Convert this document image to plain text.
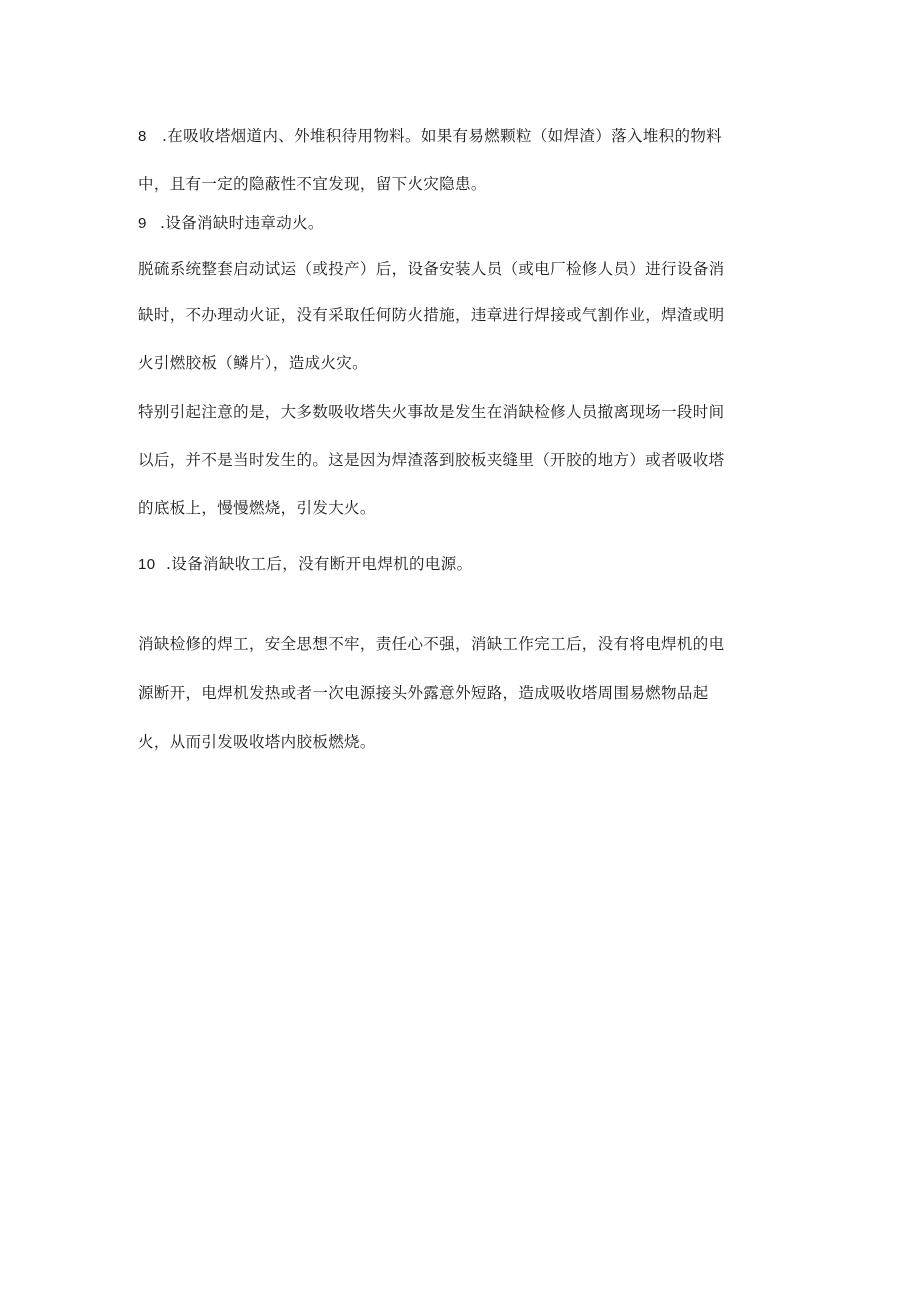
8 .在吸收塔烟道内、外堆积待用物料。如果有易燃颗粒（如焊渣）落入堆积的物料
中，且有一定的隐蔽性不宜发现，留下火灾隐患。
9 .设备消缺时违章动火。
脱硫系统整套启动试运（或投产）后，设备安装人员（或电厂检修人员）进行设备消
缺时，不办理动火证，没有采取任何防火措施，违章进行焊接或气割作业，焊渣或明
火引燃胶板（鳞片），造成火灾。
特别引起注意的是，大多数吸收塔失火事故是发生在消缺检修人员撤离现场一段时间
以后，并不是当时发生的。这是因为焊渣落到胶板夹缝里（开胶的地方）或者吸收塔
的底板上，慢慢燃烧，引发大火。
10 .设备消缺收工后，没有断开电焊机的电源。
消缺检修的焊工，安全思想不牢，责任心不强，消缺工作完工后，没有将电焊机的电
源断开，电焊机发热或者一次电源接头外露意外短路，造成吸收塔周围易燃物品起
火，从而引发吸收塔内胶板燃烧。
